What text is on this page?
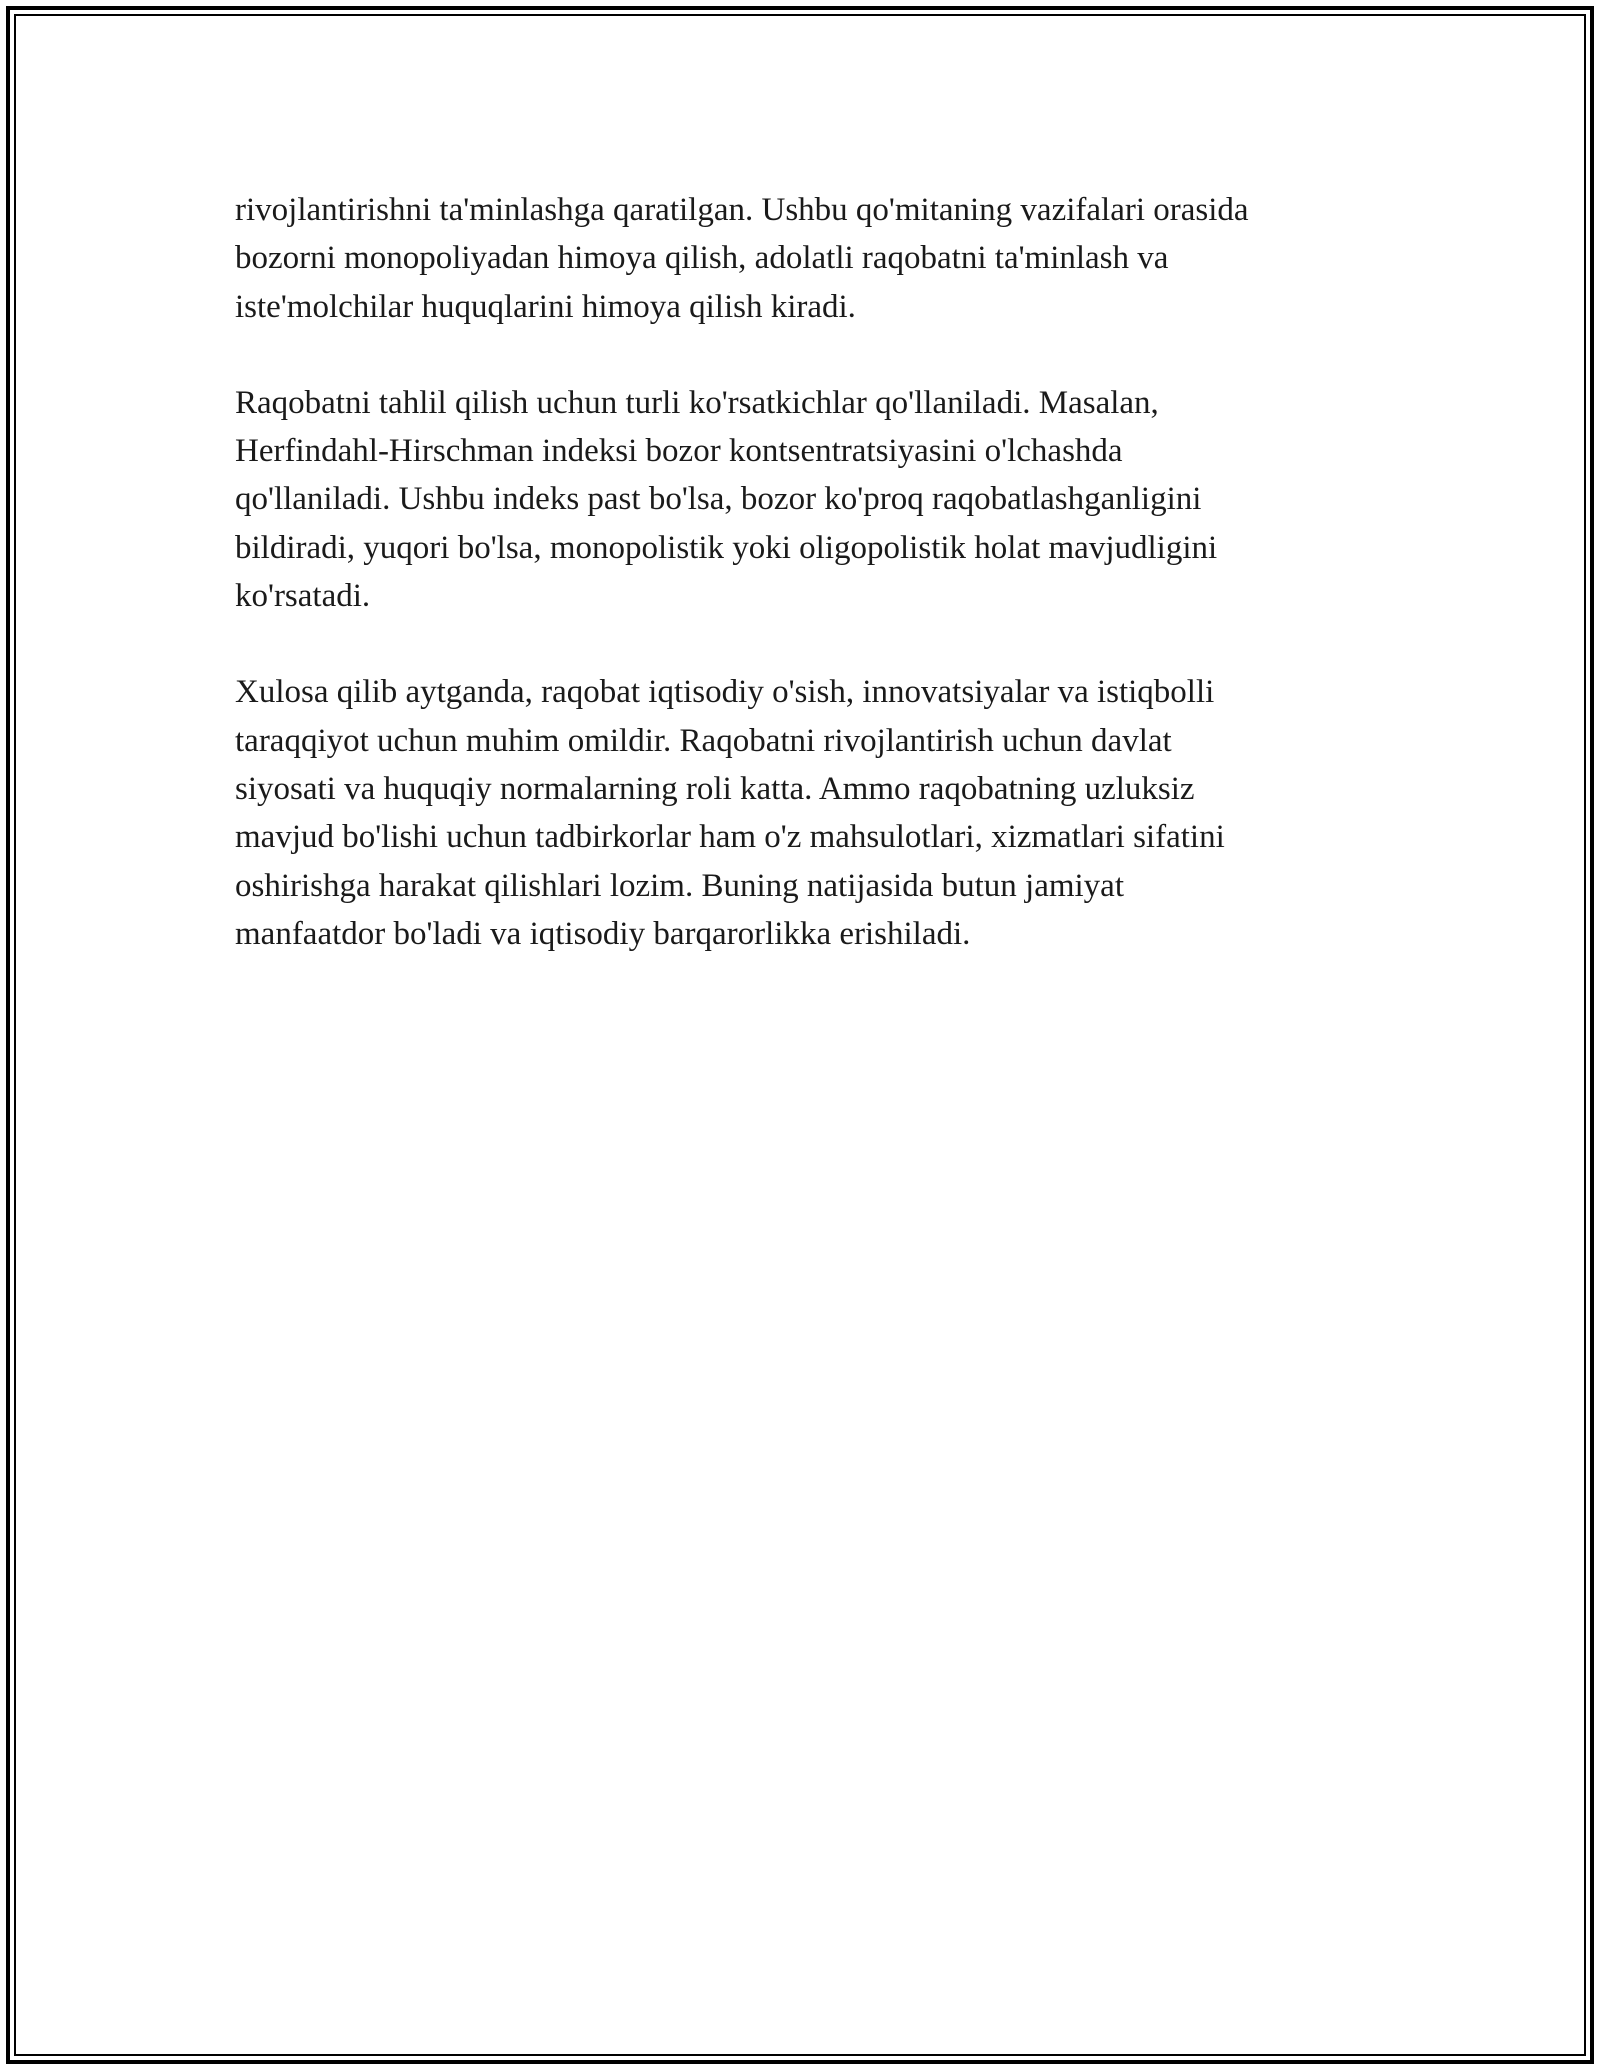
rivojlantirishni ta'minlashga qaratilgan. Ushbu qo'mitaning vazifalari orasida
bozorni monopoliyadan himoya qilish, adolatli raqobatni ta'minlash va
iste'molchilar huquqlarini himoya qilish kiradi.

Raqobatni tahlil qilish uchun turli ko'rsatkichlar qo'llaniladi. Masalan,
Herfindahl-Hirschman indeksi bozor kontsentratsiyasini o'lchashda
qo'llaniladi. Ushbu indeks past bo'lsa, bozor ko'proq raqobatlashganligini
bildiradi, yuqori bo'lsa, monopolistik yoki oligopolistik holat mavjudligini
ko'rsatadi.

Xulosa qilib aytganda, raqobat iqtisodiy o'sish, innovatsiyalar va istiqbolli
taraqqiyot uchun muhim omildir. Raqobatni rivojlantirish uchun davlat
siyosati va huquqiy normalarning roli katta. Ammo raqobatning uzluksiz
mavjud bo'lishi uchun tadbirkorlar ham o'z mahsulotlari, xizmatlari sifatini
oshirishga harakat qilishlari lozim. Buning natijasida butun jamiyat
manfaatdor bo'ladi va iqtisodiy barqarorlikka erishiladi.
